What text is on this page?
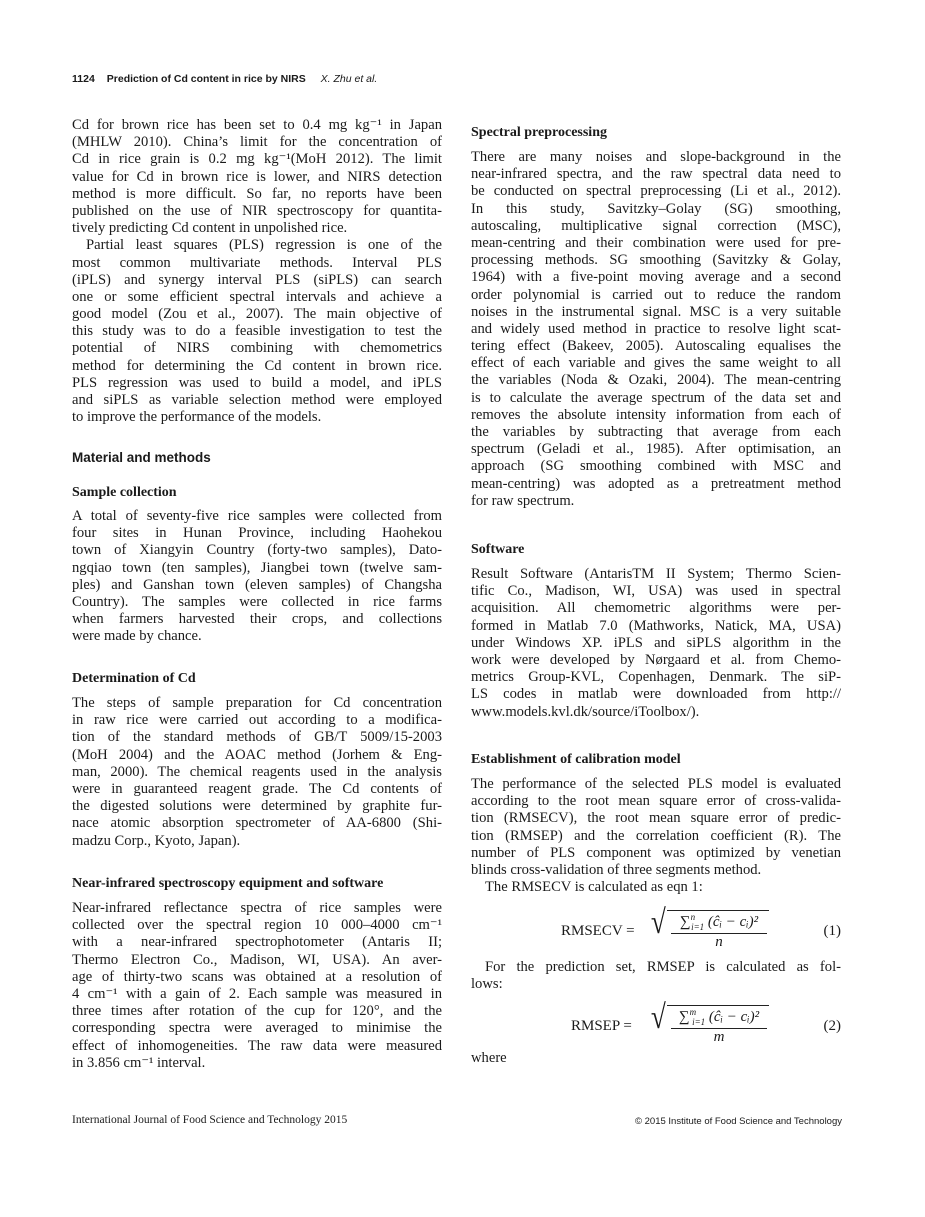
1124 Prediction of Cd content in rice by NIRS X. Zhu et al.
Cd for brown rice has been set to 0.4 mg kg⁻¹ in Japan
(MHLW 2010). China’s limit for the concentration of
Cd in rice grain is 0.2 mg kg⁻¹(MoH 2012). The limit
value for Cd in brown rice is lower, and NIRS detection
method is more difficult. So far, no reports have been
published on the use of NIR spectroscopy for quantita-
tively predicting Cd content in unpolished rice.
Partial least squares (PLS) regression is one of the
most common multivariate methods. Interval PLS
(iPLS) and synergy interval PLS (siPLS) can search
one or some efficient spectral intervals and achieve a
good model (Zou et al., 2007). The main objective of
this study was to do a feasible investigation to test the
potential of NIRS combining with chemometrics
method for determining the Cd content in brown rice.
PLS regression was used to build a model, and iPLS
and siPLS as variable selection method were employed
to improve the performance of the models.
Material and methods
Sample collection
A total of seventy-five rice samples were collected from
four sites in Hunan Province, including Haohekou
town of Xiangyin Country (forty-two samples), Dato-
ngqiao town (ten samples), Jiangbei town (twelve sam-
ples) and Ganshan town (eleven samples) of Changsha
Country). The samples were collected in rice farms
when farmers harvested their crops, and collections
were made by chance.
Determination of Cd
The steps of sample preparation for Cd concentration
in raw rice were carried out according to a modifica-
tion of the standard methods of GB/T 5009/15-2003
(MoH 2004) and the AOAC method (Jorhem & Eng-
man, 2000). The chemical reagents used in the analysis
were in guaranteed reagent grade. The Cd contents of
the digested solutions were determined by graphite fur-
nace atomic absorption spectrometer of AA-6800 (Shi-
madzu Corp., Kyoto, Japan).
Near-infrared spectroscopy equipment and software
Near-infrared reflectance spectra of rice samples were
collected over the spectral region 10 000–4000 cm⁻¹
with a near-infrared spectrophotometer (Antaris II;
Thermo Electron Co., Madison, WI, USA). An aver-
age of thirty-two scans was obtained at a resolution of
4 cm⁻¹ with a gain of 2. Each sample was measured in
three times after rotation of the cup for 120°, and the
corresponding spectra were averaged to minimise the
effect of inhomogeneities. The raw data were measured
in 3.856 cm⁻¹ interval.
Spectral preprocessing
There are many noises and slope-background in the
near-infrared spectra, and the raw spectral data need to
be conducted on spectral preprocessing (Li et al., 2012).
In this study, Savitzky–Golay (SG) smoothing,
autoscaling, multiplicative signal correction (MSC),
mean-centring and their combination were used for pre-
processing methods. SG smoothing (Savitzky & Golay,
1964) with a five-point moving average and a second
order polynomial is carried out to reduce the random
noises in the instrumental signal. MSC is a very suitable
and widely used method in practice to resolve light scat-
tering effect (Bakeev, 2005). Autoscaling equalises the
effect of each variable and gives the same weight to all
the variables (Noda & Ozaki, 2004). The mean-centring
is to calculate the average spectrum of the data set and
removes the absolute intensity information from each of
the variables by subtracting that average from each
spectrum (Geladi et al., 1985). After optimisation, an
approach (SG smoothing combined with MSC and
mean-centring) was adopted as a pretreatment method
for raw spectrum.
Software
Result Software (AntarisTM II System; Thermo Scien-
tific Co., Madison, WI, USA) was used in spectral
acquisition. All chemometric algorithms were per-
formed in Matlab 7.0 (Mathworks, Natick, MA, USA)
under Windows XP. iPLS and siPLS algorithm in the
work were developed by Nørgaard et al. from Chemo-
metrics Group-KVL, Copenhagen, Denmark. The siP-
LS codes in matlab were downloaded from http://
www.models.kvl.dk/source/iToolbox/).
Establishment of calibration model
The performance of the selected PLS model is evaluated
according to the root mean square error of cross-valida-
tion (RMSECV), the root mean square error of predic-
tion (RMSEP) and the correlation coefficient (R). The
number of PLS component was optimized by venetian
blinds cross-validation of three segments method.
The RMSECV is calculated as eqn 1:
For the prediction set, RMSEP is calculated as fol-
lows:
where
RMSECV = √ ∑$^n_{i=1}$ (ĉᵢ − cᵢ)²
n
(1)
RMSEP = √ ∑$^m_{i=1}$ (ĉᵢ − cᵢ)²
m
(2)
International Journal of Food Science and Technology 2015	© 2015 Institute of Food Science and Technology
